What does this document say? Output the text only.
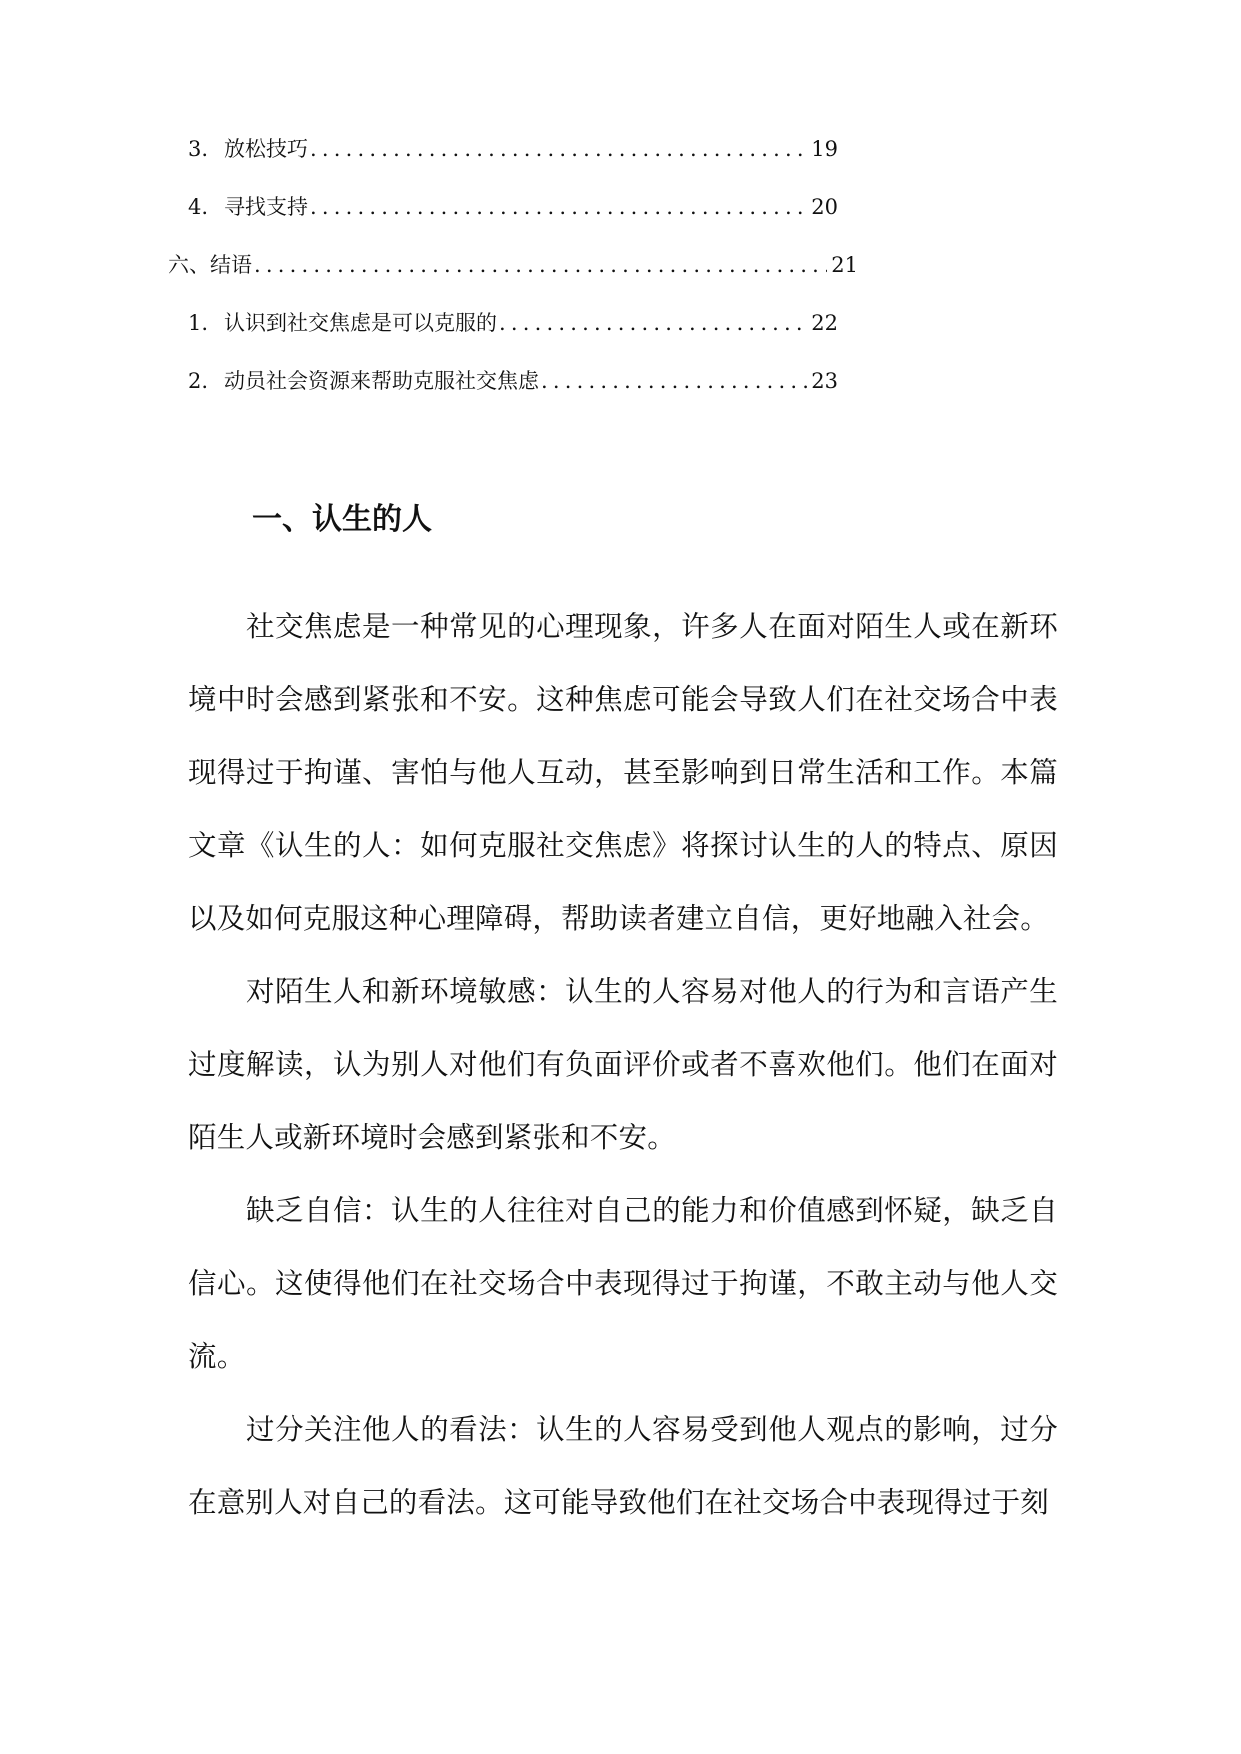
3. 放松技巧 .....	19
4. 寻找支持 .....	20
六、结语 .....	21
1. 认识到社交焦虑是可以克服的 .....	22
2. 动员社会资源来帮助克服社交焦虑 .....	23
一、认生的人

社交焦虑是一种常见的心理现象，许多人在面对陌生人或在新环境中时会感到紧张和不安。这种焦虑可能会导致人们在社交场合中表现得过于拘谨、害怕与他人互动，甚至影响到日常生活和工作。本篇文章《认生的人：如何克服社交焦虑》将探讨认生的人的特点、原因以及如何克服这种心理障碍，帮助读者建立自信，更好地融入社会。

对陌生人和新环境敏感：认生的人容易对他人的行为和言语产生过度解读，认为别人对他们有负面评价或者不喜欢他们。他们在面对陌生人或新环境时会感到紧张和不安。

缺乏自信：认生的人往往对自己的能力和价值感到怀疑，缺乏自信心。这使得他们在社交场合中表现得过于拘谨，不敢主动与他人交流。

过分关注他人的看法：认生的人容易受到他人观点的影响，过分在意别人对自己的看法。这可能导致他们在社交场合中表现得过于刻
